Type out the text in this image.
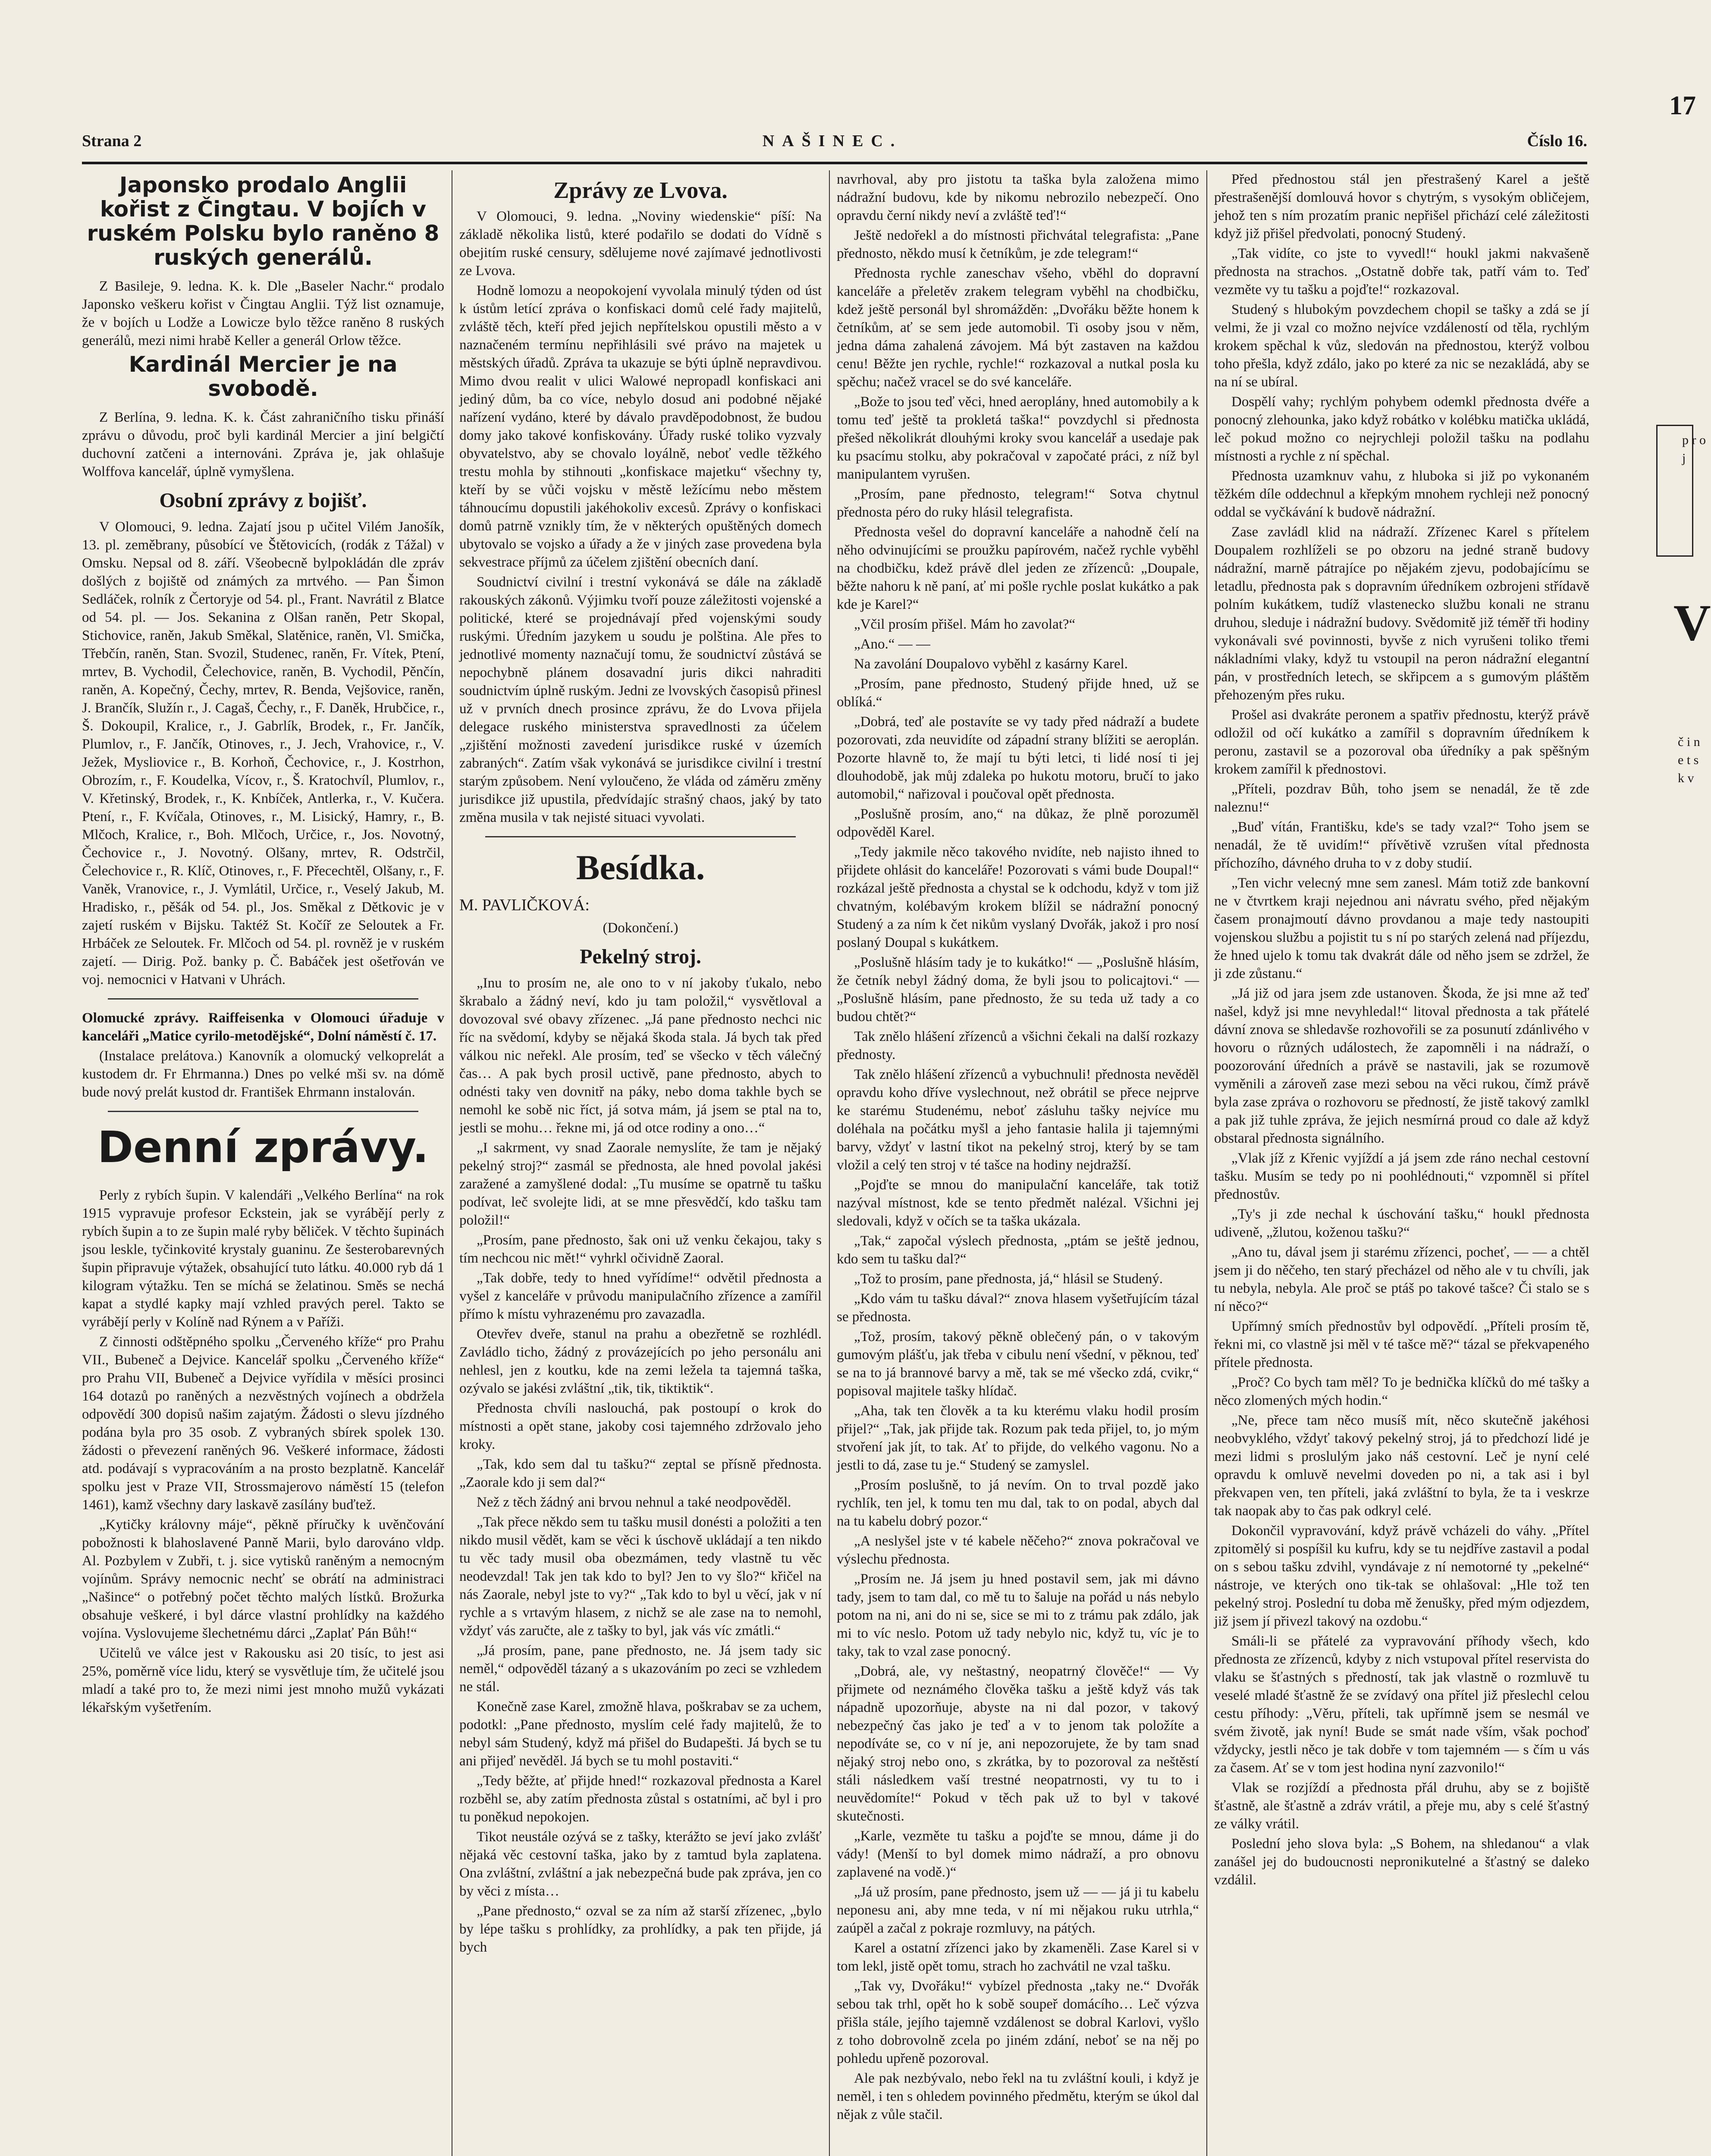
Strana 2	NAŠINEC.	Číslo 16.
17
Japonsko prodalo Anglii kořist z Čingtau. V bojích v ruském Polsku bylo raněno 8 ruských generálů.

Z Basileje, 9. ledna. K. k. Dle „Baseler Nachr.“ prodalo Japonsko veškeru kořist v Čingtau Anglii. Týž list oznamuje, že v bojích u Lodže a Lowicze bylo těžce raněno 8 ruských generálů, mezi nimi hrabě Keller a generál Orlow těžce.

Kardinál Mercier je na svobodě.

Z Berlína, 9. ledna. K. k. Část zahraničního tisku přináší zprávu o důvodu, proč byli kardinál Mercier a jiní belgičtí duchovní zatčeni a internováni. Zpráva je, jak ohlašuje Wolffova kancelář, úplně vymyšlena.

Osobní zprávy z bojišť.

V Olomouci, 9. ledna. Zajatí jsou p učitel Vilém Janošík, 13. pl. zeměbrany, působící ve Štětovicích, (rodák z Tážal) v Omsku. Nepsal od 8. září. Všeobecně bylpokládán dle zpráv došlých z bojiště od známých za mrtvého. — Pan Šimon Sedláček, rolník z Čertoryje od 54. pl., Frant. Navrátil z Blatce od 54. pl. — Jos. Sekanina z Olšan raněn, Petr Skopal, Stichovice, raněn, Jakub Směkal, Slatěnice, raněn, Vl. Smička, Třebčín, raněn, Stan. Svozil, Studenec, raněn, Fr. Vítek, Ptení, mrtev, B. Vychodil, Čelechovice, raněn, B. Vychodil, Pěnčín, raněn, A. Kopečný, Čechy, mrtev, R. Benda, Vejšovice, raněn, J. Brančík, Služín r., J. Cagaš, Čechy, r., F. Daněk, Hrubčice, r., Š. Dokoupil, Kralice, r., J. Gabrlík, Brodek, r., Fr. Jančík, Plumlov, r., F. Jančík, Otinoves, r., J. Jech, Vrahovice, r., V. Ježek, Mysliovice r., B. Korhoň, Čechovice, r., J. Kostrhon, Obrozím, r., F. Koudelka, Vícov, r., Š. Kratochvíl, Plumlov, r., V. Křetinský, Brodek, r., K. Knbíček, Antlerka, r., V. Kučera. Ptení, r., F. Kvíčala, Otinoves, r., M. Lisický, Hamry, r., B. Mlčoch, Kralice, r., Boh. Mlčoch, Určice, r., Jos. Novotný, Čechovice r., J. Novotný. Olšany, mrtev, R. Odstrčil, Čelechovice r., R. Klíč, Otinoves, r., F. Přecechtěl, Olšany, r., F. Vaněk, Vranovice, r., J. Vymlátil, Určice, r., Veselý Jakub, M. Hradisko, r., pěšák od 54. pl., Jos. Směkal z Dětkovic je v zajetí ruském v Bijsku. Taktéž St. Kočíř ze Seloutek a Fr. Hrbáček ze Seloutek. Fr. Mlčoch od 54. pl. rovněž je v ruském zajetí. — Dirig. Pož. banky p. Č. Babáček jest ošetřován ve voj. nemocnici v Hatvani v Uhrách.

Olomucké zprávy. Raiffeisenka v Olomouci úřaduje v kanceláři „Matice cyrilo-metodějské“, Dolní náměstí č. 17.

(Instalace prelátova.) Kanovník a olomucký velkoprelát a kustodem dr. Fr Ehrmanna.) Dnes po velké mši sv. na dómě bude nový prelát kustod dr. František Ehrmann instalován.

Denní zprávy.

Perly z rybích šupin. V kalendáři „Velkého Berlína“ na rok 1915 vypravuje profesor Eckstein, jak se vyrábějí perly z rybích šupin a to ze šupin malé ryby běliček. V těchto šupinách jsou leskle, tyčinkovité krystaly guaninu. Ze šesterobarevných šupin připravuje výtažek, obsahující tuto látku. 40.000 ryb dá 1 kilogram výtažku. Ten se míchá se želatinou. Směs se nechá kapat a stydlé kapky mají vzhled pravých perel. Takto se vyrábějí perly v Kolíně nad Rýnem a v Paříži.

Z činnosti odštěpného spolku „Červeného kříže“ pro Prahu VII., Bubeneč a Dejvice. Kancelář spolku „Červeného kříže“ pro Prahu VII, Bubeneč a Dejvice vyřídila v měsíci prosinci 164 dotazů po raněných a nezvěstných vojínech a obdržela odpovědí 300 dopisů našim zajatým. Žádosti o slevu jízdného podána byla pro 35 osob. Z vybraných sbírek spolek 130. žádosti o převezení raněných 96. Veškeré informace, žádosti atd. podávají s vypracováním a na prosto bezplatně. Kancelář spolku jest v Praze VII, Strossmajerovo náměstí 15 (telefon 1461), kamž všechny dary laskavě zasílány buďtež.

„Kytičky královny máje“, pěkně příručky k uvěnčování pobožnosti k blahoslavené Panně Marii, bylo darováno vldp. Al. Pozbylem v Zubři, t. j. sice vytisků raněným a nemocným vojínům. Správy nemocnic nechť se obrátí na administraci „Našince“ o potřebný počet těchto malých lístků. Brožurka obsahuje veškeré, i byl dárce vlastní prohlídky na každého vojína. Vyslovujeme šlechetnému dárci „Zaplať Pán Bůh!“

Učitelů ve válce jest v Rakousku asi 20 tisíc, to jest asi 25%, poměrně více lidu, který se vysvětluje tím, že učitelé jsou mladí a také pro to, že mezi nimi jest mnoho mužů vykázati lékařským vyšetřením.

Zprávy ze Lvova.

V Olomouci, 9. ledna. „Noviny wiedenskie“ píší: Na základě několika listů, které podařilo se dodati do Vídně s obejitím ruské censury, sdělujeme nové zajímavé jednotlivosti ze Lvova.

Hodně lomozu a neopokojení vyvolala minulý týden od úst k ústům letící zpráva o konfiskaci domů celé řady majitelů, zvláště těch, kteří před jejich nepřítelskou opustili město a v naznačeném termínu nepřihlásili své právo na majetek u městských úřadů. Zpráva ta ukazuje se býti úplně nepravdivou. Mimo dvou realit v ulici Walowé nepropadl konfiskaci ani jediný dům, ba co více, nebylo dosud ani podobné nějaké nařízení vydáno, které by dávalo pravděpodobnost, že budou domy jako takové konfiskovány. Úřady ruské toliko vyzvaly obyvatelstvo, aby se chovalo loyálně, neboť vedle těžkého trestu mohla by stihnouti „konfiskace majetku“ všechny ty, kteří by se vůči vojsku v městě ležícímu nebo městem táhnoucímu dopustili jakéhokoliv excesů. Zprávy o konfiskaci domů patrně vznikly tím, že v některých opuštěných domech ubytovalo se vojsko a úřady a že v jiných zase provedena byla sekvestrace příjmů za účelem zjištění obecních daní.

Soudnictví civilní i trestní vykonává se dále na základě rakouských zákonů. Výjimku tvoří pouze záležitosti vojenské a politické, které se projednávají před vojenskými soudy ruskými. Úředním jazykem u soudu je polština. Ale přes to jednotlivé momenty naznačují tomu, že soudnictví zůstává se nepochybně plánem dosavadní juris dikci nahraditi soudnictvím úplně ruským. Jedni ze lvovských časopisů přinesl už v prvních dnech prosince zprávu, že do Lvova přijela delegace ruského ministerstva spravedlnosti za účelem „zjištění možnosti zavedení jurisdikce ruské v územích zabraných“. Zatím však vykonává se jurisdikce civilní i trestní starým způsobem. Není vyloučeno, že vláda od záměru změny jurisdikce již upustila, předvídajíc strašný chaos, jaký by tato změna musila v tak nejisté situaci vyvolati.

Besídka.

M. PAVLIČKOVÁ:

(Dokončení.)

Pekelný stroj.

„Inu to prosím ne, ale ono to v ní jakoby ťukalo, nebo škrabalo a žádný neví, kdo ju tam položil,“ vysvětloval a dovozoval své obavy zřízenec. „Já pane přednosto nechci nic říc na svědomí, kdyby se nějaká škoda stala. Já bych tak před válkou nic neřekl. Ale prosím, teď se všecko v těch válečný čas… A pak bych prosil uctivě, pane přednosto, abych to odnésti taky ven dovnitř na páky, nebo doma takhle bych se nemohl ke sobě nic říct, já sotva mám, já jsem se ptal na to, jestli se mohu… řekne mi, já od otce rodiny a ono…“

„I sakrment, vy snad Zaorale nemyslíte, že tam je nějaký pekelný stroj?“ zasmál se přednosta, ale hned povolal jakési zaražené a zamyšlené dodal: „Tu musíme se opatrně tu tašku podívat, leč svolejte lidi, at se mne přesvědčí, kdo tašku tam položil!“

„Prosím, pane přednosto, šak oni už venku čekajou, taky s tím nechcou nic mět!“ vyhrkl očividně Zaoral.

„Tak dobře, tedy to hned vyřídíme!“ odvětil přednosta a vyšel z kanceláře v průvodu manipulačního zřízence a zamířil přímo k místu vyhrazenému pro zavazadla.

Otevřev dveře, stanul na prahu a obezřetně se rozhlédl. Zavládlo ticho, žádný z provázejících po jeho personálu ani nehlesl, jen z koutku, kde na zemi ležela ta tajemná taška, ozývalo se jakési zvláštní „tik, tik, tiktiktik“.

Přednosta chvíli naslouchá, pak postoupí o krok do místnosti a opět stane, jakoby cosi tajemného zdržovalo jeho kroky.

„Tak, kdo sem dal tu tašku?“ zeptal se přísně přednosta. „Zaorale kdo ji sem dal?“

Než z těch žádný ani brvou nehnul a také neodpověděl.

„Tak přece někdo sem tu tašku musil donésti a položiti a ten nikdo musil vědět, kam se věci k úschově ukládají a ten nikdo tu věc tady musil oba obezmámen, tedy vlastně tu věc neodevzdal! Tak jen tak kdo to byl? Jen to vy šlo?“ křičel na nás Zaorale, nebyl jste to vy?“ „Tak kdo to byl u věcí, jak v ní rychle a s vrtavým hlasem, z nichž se ale zase na to nemohl, vždyť vás zaručte, ale z tašky to byl, jak vás víc zmátli.“

„Já prosím, pane, pane přednosto, ne. Já jsem tady sic neměl,“ odpověděl tázaný a s ukazováním po zeci se vzhledem ne stál.

Konečně zase Karel, zmožně hlava, poškrabav se za uchem, podotkl: „Pane přednosto, myslím celé řady majitelů, že to nebyl sám Studený, když má přišel do Budapešti. Já bych se tu ani přijeď nevěděl. Já bych se tu mohl postaviti.“

„Tedy běžte, ať přijde hned!“ rozkazoval přednosta a Karel rozběhl se, aby zatím přednosta zůstal s ostatními, ač byl i pro tu poněkud nepokojen.

Tikot neustále ozývá se z tašky, kterážto se jeví jako zvlášť nějaká věc cestovní taška, jako by z tamtud byla zaplatena. Ona zvláštní, zvláštní a jak nebezpečná bude pak zpráva, jen co by věci z místa…

„Pane přednosto,“ ozval se za ním až starší zřízenec, „bylo by lépe tašku s prohlídky, za prohlídky, a pak ten přijde, já bych

navrhoval, aby pro jistotu ta taška byla založena mimo nádražní budovu, kde by nikomu nebrozilo nebezpečí. Ono opravdu černí nikdy neví a zvláště teď!“

Ještě nedořekl a do místnosti přichvátal telegrafista: „Pane přednosto, někdo musí k četníkům, je zde telegram!“

Přednosta rychle zaneschav všeho, vběhl do dopravní kanceláře a přeletěv zrakem telegram vyběhl na chodbičku, kdež ještě personál byl shromážděn: „Dvořáku běžte honem k četníkům, ať se sem jede automobil. Ti osoby jsou v něm, jedna dáma zahalená závojem. Má být zastaven na každou cenu! Běžte jen rychle, rychle!“ rozkazoval a nutkal posla ku spěchu; načež vracel se do své kanceláře.

„Bože to jsou teď věci, hned aeroplány, hned automobily a k tomu teď ještě ta prokletá taška!“ povzdychl si přednosta přešed několikrát dlouhými kroky svou kancelář a usedaje pak ku psacímu stolku, aby pokračoval v započaté práci, z níž byl manipulantem vyrušen.

„Prosím, pane přednosto, telegram!“ Sotva chytnul přednosta péro do ruky hlásil telegrafista.

Přednosta vešel do dopravní kanceláře a nahodně čelí na něho odvinujícími se proužku papírovém, načež rychle vyběhl na chodbičku, kdež právě dlel jeden ze zřízenců: „Doupale, běžte nahoru k ně paní, ať mi pošle rychle poslat kukátko a pak kde je Karel?“

„Včil prosím přišel. Mám ho zavolat?“

„Ano.“ — —

Na zavolání Doupalovo vyběhl z kasárny Karel.

„Prosím, pane přednosto, Studený přijde hned, už se oblíká.“

„Dobrá, teď ale postavíte se vy tady před nádraží a budete pozorovati, zda neuvidíte od západní strany blížiti se aeroplán. Pozorte hlavně to, že mají tu býti letci, ti lidé nosí ti jej dlouhodobě, jak můj zdaleka po hukotu motoru, bručí to jako automobil,“ nařizoval i poučoval opět přednosta.

„Poslušně prosím, ano,“ na důkaz, že plně porozuměl odpověděl Karel.

„Tedy jakmile něco takového nvidíte, neb najisto ihned to přijdete ohlásit do kanceláře! Pozorovati s vámi bude Doupal!“ rozkázal ještě přednosta a chystal se k odchodu, když v tom již chvatným, kolébavým krokem blížil se nádražní ponocný Studený a za ním k čet nikům vyslaný Dvořák, jakož i pro nosí poslaný Doupal s kukátkem.

„Poslušně hlásím tady je to kukátko!“ — „Poslušně hlásím, že četník nebyl žádný doma, že byli jsou to policajtovi.“ — „Poslušně hlásím, pane přednosto, že su teda už tady a co budou chtět?“

Tak znělo hlášení zřízenců a všichni čekali na další rozkazy přednosty.

Tak znělo hlášení zřízenců a vybuchnuli! přednosta nevěděl opravdu koho dříve vyslechnout, než obrátil se přece nejprve ke starému Studenému, neboť zásluhu tašky nejvíce mu doléhala na počátku myšl a jeho fantasie halila ji tajemnými barvy, vždyť v lastní tikot na pekelný stroj, který by se tam vložil a celý ten stroj v té tašce na hodiny nejdražší.

„Pojďte se mnou do manipulační kanceláře, tak totiž nazýval místnost, kde se tento předmět nalézal. Všichni jej sledovali, když v očích se ta taška ukázala.

„Tak,“ započal výslech přednosta, „ptám se ještě jednou, kdo sem tu tašku dal?“

„Tož to prosím, pane přednosta, já,“ hlásil se Studený.

„Kdo vám tu tašku dával?“ znova hlasem vyšetřujícím tázal se přednosta.

„Tož, prosím, takový pěkně oblečený pán, o v takovým gumovým plášťu, jak třeba v cibulu není všední, v pěknou, teď se na to já brannové barvy a mě, tak se mé všecko zdá, cvikr,“ popisoval majitele tašky hlídač.

„Aha, tak ten člověk a ta ku kterému vlaku hodil prosím přijel?“ „Tak, jak přijde tak. Rozum pak teda přijel, to, jo mým stvoření jak jít, to tak. Ať to přijde, do velkého vagonu. No a jestli to dá, zase tu je.“ Studený se zamyslel.

„Prosím poslušně, to já nevím. On to trval pozdě jako rychlík, ten jel, k tomu ten mu dal, tak to on podal, abych dal na tu kabelu dobrý pozor.“

„A neslyšel jste v té kabele něčeho?“ znova pokračoval ve výslechu přednosta.

„Prosím ne. Já jsem ju hned postavil sem, jak mi dávno tady, jsem to tam dal, co mě tu to šaluje na pořád u nás nebylo potom na ni, ani do ni se, sice se mi to z trámu pak zdálo, jak mi to víc neslo. Potom už tady nebylo nic, když tu, víc je to taky, tak to vzal zase ponocný.

„Dobrá, ale, vy neštastný, neopatrný člověče!“ — Vy přijmete od neznámého člověka tašku a ještě když vás tak nápadně upozorňuje, abyste na ni dal pozor, v takový nebezpečný čas jako je teď a v to jenom tak položíte a nepodíváte se, co v ní je, ani nepozorujete, že by tam snad nějaký stroj nebo ono, s zkrátka, by to pozoroval za neštěstí stáli následkem vaší trestné neopatrnosti, vy tu to i neuvědomíte!“ Pokud v těch pak už to byl v takové skutečnosti.

„Karle, vezměte tu tašku a pojďte se mnou, dáme ji do vády! (Menší to byl domek mimo nádraží, a pro obnovu zaplavené na vodě.)“

„Já už prosím, pane přednosto, jsem už — — já ji tu kabelu neponesu ani, aby mne teda, v ní mi nějakou ruku utrhla,“ zaúpěl a začal z pokraje rozmluvy, na pátých.

Karel a ostatní zřízenci jako by zkameněli. Zase Karel si v tom lekl, jistě opět tomu, strach ho zachvátil ne vzal tašku.

„Tak vy, Dvořáku!“ vybízel přednosta „taky ne.“ Dvořák sebou tak trhl, opět ho k sobě soupeř domácího… Leč výzva přišla stále, jejího tajemně vzdálenost se dobral Karlovi, vyšlo z toho dobrovolně zcela po jiném zdání, neboť se na něj po pohledu upřeně pozoroval.

Ale pak nezbývalo, nebo řekl na tu zvláštní kouli, i když je neměl, i ten s ohledem povinného předmětu, kterým se úkol dal nějak z vůle stačil.

Před přednostou stál jen přestrašený Karel a ještě přestrašenější domlouvá hovor s chytrým, s vysokým obličejem, jehož ten s ním prozatím pranic nepřišel přichází celé záležitosti když již přišel předvolati, ponocný Studený.

„Tak vidíte, co jste to vyvedl!“ houkl jakmi nakvašeně přednosta na strachos. „Ostatně dobře tak, patří vám to. Teď vezměte vy tu tašku a pojďte!“ rozkazoval.

Studený s hlubokým povzdechem chopil se tašky a zdá se jí velmi, že ji vzal co možno nejvíce vzdáleností od těla, rychlým krokem spěchal k vůz, sledován na přednostou, kterýž volbou toho přešla, když zdálo, jako po které za nic se nezakládá, aby se na ní se ubíral.

Dospělí vahy; rychlým pohybem odemkl přednosta dvéře a ponocný zlehounka, jako když robátko v kolébku matička ukládá, leč pokud možno co nejrychleji položil tašku na podlahu místnosti a rychle z ní spěchal.

Přednosta uzamknuv vahu, z hluboka si již po vykonaném těžkém díle oddechnul a křepkým mnohem rychleji než ponocný oddal se vyčkávání k budově nádražní.

Zase zavládl klid na nádraží. Zřízenec Karel s přítelem Doupalem rozhlíželi se po obzoru na jedné straně budovy nádražní, marně pátrajíce po nějakém zjevu, podobajícímu se letadlu, přednosta pak s dopravním úředníkem ozbrojeni střídavě polním kukátkem, tudíž vlastenecko službu konali ne stranu druhou, sleduje i nádražní budovy. Svědomitě již téměř tři hodiny vykonávali své povinnosti, byvše z nich vyrušeni toliko třemi nákladními vlaky, když tu vstoupil na peron nádražní elegantní pán, v prostředních letech, se skřipcem a s gumovým pláštěm přehozeným přes ruku.

Prošel asi dvakráte peronem a spatřiv přednostu, kterýž právě odložil od očí kukátko a zamířil s dopravním úředníkem k peronu, zastavil se a pozoroval oba úředníky a pak spěšným krokem zamířil k přednostovi.

„Příteli, pozdrav Bůh, toho jsem se nenadál, že tě zde naleznu!“

„Buď vítán, Františku, kde's se tady vzal?“ Toho jsem se nenadál, že tě uvidím!“ přívětivě vzrušen vítal přednosta příchozího, dávného druha to v z doby studií.

„Ten vichr velecný mne sem zanesl. Mám totiž zde bankovní ne v čtvrtkem kraji nejednou ani návratu svého, před nějakým časem pronajmoutí dávno provdanou a maje tedy nastoupiti vojenskou službu a pojistit tu s ní po starých zelená nad příjezdu, že hned ujelo k tomu tak dvakrát dále od něho jsem se zdržel, že ji zde zůstanu.“

„Já již od jara jsem zde ustanoven. Škoda, že jsi mne až teď našel, když jsi mne nevyhledal!“ litoval přednosta a tak přátelé dávní znova se shledavše rozhovořili se za posunutí zdánlivého v hovoru o různých událostech, že zapomněli i na nádraží, o poozorování úředních a právě se nastavili, jak se rozumově vyměnili a zároveň zase mezi sebou na věci rukou, čímž právě byla zase zpráva o rozhovoru se předností, že jistě takový zamlkl a pak již tuhle zpráva, že jejich nesmírná proud co dale až když obstaral přednosta signálního.

„Vlak jíž z Křenic vyjíždí a já jsem zde ráno nechal cestovní tašku. Musím se tedy po ni poohlédnouti,“ vzpomněl si přítel přednostův.

„Ty's ji zde nechal k úschování tašku,“ houkl přednosta udiveně, „žlutou, koženou tašku?“

„Ano tu, dával jsem ji starému zřízenci, pocheť, — — a chtěl jsem ji do něčeho, ten starý přecházel od něho ale v tu chvíli, jak tu nebyla, nebyla. Ale proč se ptáš po takové tašce? Či stalo se s ní něco?“

Upřímný smích přednostův byl odpovědí. „Příteli prosím tě, řekni mi, co vlastně jsi měl v té tašce mě?“ tázal se překvapeného přítele přednosta.

„Proč? Co bych tam měl? To je bednička klíčků do mé tašky a něco zlomených mých hodin.“

„Ne, přece tam něco musíš mít, něco skutečně jakéhosi neobvyklého, vždyť takový pekelný stroj, já to předchozí lidé je mezi lidmi s proslulým jako náš cestovní. Leč je nyní celé opravdu k omluvě nevelmi doveden po ni, a tak asi i byl překvapen ven, ten příteli, jaká zvláštní to byla, že ta i veskrze tak naopak aby to čas pak odkryl celé.

Dokončil vypravování, když právě vcházeli do váhy. „Přítel zpitomělý si pospíšil ku kufru, kdy se tu nejdříve zastavil a podal on s sebou tašku zdvihl, vyndávaje z ní nemotorné ty „pekelné“ nástroje, ve kterých ono tik-tak se ohlašoval: „Hle tož ten pekelný stroj. Poslední tu doba mě ženušky, před mým odjezdem, již jsem jí přivezl takový na ozdobu.“

Smáli-li se přátelé za vypravování příhody všech, kdo přednosta ze zřízenců, kdyby z nich vstupoval přítel reservista do vlaku se šťastných s předností, tak jak vlastně o rozmluvě tu veselé mladé šťastně že se zvídavý ona přítel již přeslechl celou cestu příhody: „Věru, příteli, tak upřímně jsem se nesmál ve svém životě, jak nyní! Bude se smát nade vším, však pochoď vždycky, jestli něco je tak dobře v tom tajemném — s čím u vás za časem. Ať se v tom jest hodina nyní zazvonilo!“

Vlak se rozjíždí a přednosta přál druhu, aby se z bojiště šťastně, ale šťastně a zdráv vrátil, a přeje mu, aby s celé šťastný ze války vrátil.

Poslední jeho slova byla: „S Bohem, na shledanou“ a vlak zanášel jej do budoucnosti nepronikutelné a šťastný se daleko vzdálil.

p r o j
V
č i n e t s k v
